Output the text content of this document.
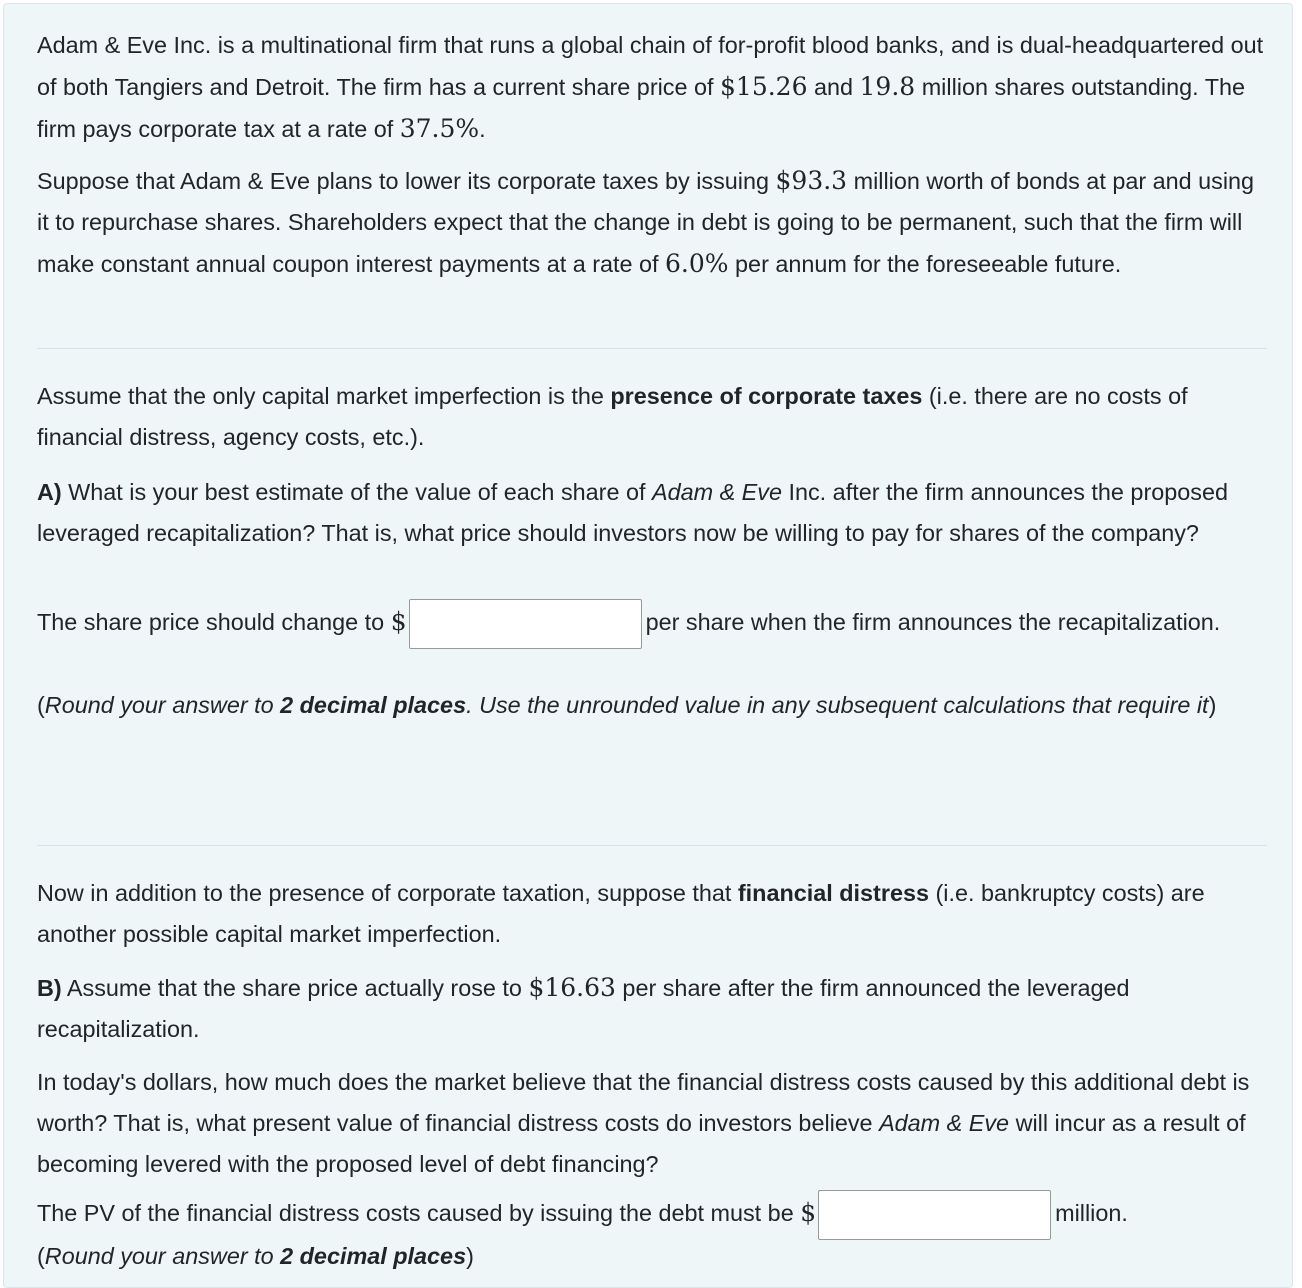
Adam & Eve Inc. is a multinational firm that runs a global chain of for-profit blood banks, and is dual-headquartered out of both Tangiers and Detroit. The firm has a current share price of $15.26 and 19.8 million shares outstanding. The firm pays corporate tax at a rate of 37.5%.

Suppose that Adam & Eve plans to lower its corporate taxes by issuing $93.3 million worth of bonds at par and using it to repurchase shares. Shareholders expect that the change in debt is going to be permanent, such that the firm will make constant annual coupon interest payments at a rate of 6.0% per annum for the foreseeable future.

Assume that the only capital market imperfection is the presence of corporate taxes (i.e. there are no costs of financial distress, agency costs, etc.).

A) What is your best estimate of the value of each share of Adam & Eve Inc. after the firm announces the proposed leveraged recapitalization? That is, what price should investors now be willing to pay for shares of the company?

The share price should change to $	per share when the firm announces the recapitalization.

(Round your answer to 2 decimal places. Use the unrounded value in any subsequent calculations that require it)

Now in addition to the presence of corporate taxation, suppose that financial distress (i.e. bankruptcy costs) are another possible capital market imperfection.

B) Assume that the share price actually rose to $16.63 per share after the firm announced the leveraged recapitalization.

In today's dollars, how much does the market believe that the financial distress costs caused by this additional debt is worth? That is, what present value of financial distress costs do investors believe Adam & Eve will incur as a result of becoming levered with the proposed level of debt financing?

The PV of the financial distress costs caused by issuing the debt must be $	million.

(Round your answer to 2 decimal places)
